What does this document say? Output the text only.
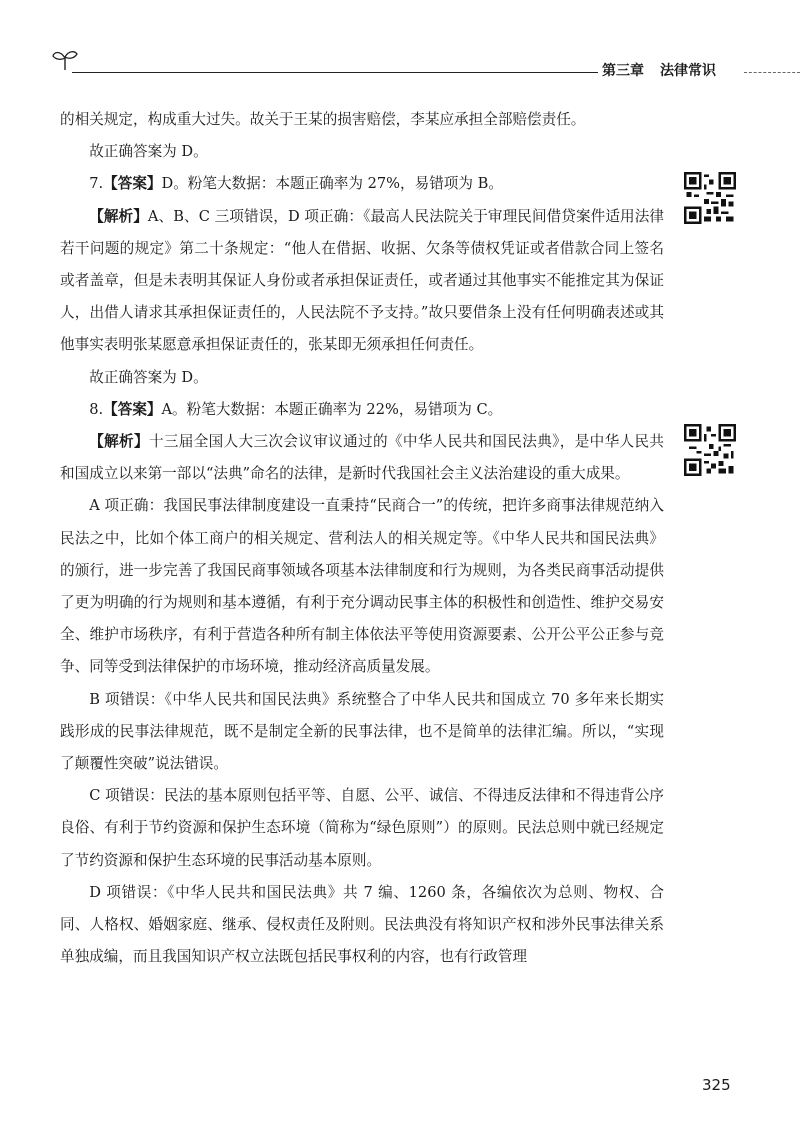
第三章 法律常识

的相关规定，构成重大过失。故关于王某的损害赔偿，李某应承担全部赔偿责任。

故正确答案为 D。

7.【答案】D。粉笔大数据：本题正确率为 27%，易错项为 B。

【解析】A、B、C 三项错误，D 项正确：《最高人民法院关于审理民间借贷案件适用法律若干问题的规定》第二十条规定：“他人在借据、收据、欠条等债权凭证或者借款合同上签名或者盖章，但是未表明其保证人身份或者承担保证责任，或者通过其他事实不能推定其为保证人，出借人请求其承担保证责任的，人民法院不予支持。”故只要借条上没有任何明确表述或其他事实表明张某愿意承担保证责任的，张某即无须承担任何责任。

故正确答案为 D。

8.【答案】A。粉笔大数据：本题正确率为 22%，易错项为 C。

【解析】十三届全国人大三次会议审议通过的《中华人民共和国民法典》，是中华人民共和国成立以来第一部以“法典”命名的法律，是新时代我国社会主义法治建设的重大成果。

A 项正确：我国民事法律制度建设一直秉持“民商合一”的传统，把许多商事法律规范纳入民法之中，比如个体工商户的相关规定、营利法人的相关规定等。《中华人民共和国民法典》的颁行，进一步完善了我国民商事领域各项基本法律制度和行为规则，为各类民商事活动提供了更为明确的行为规则和基本遵循，有利于充分调动民事主体的积极性和创造性、维护交易安全、维护市场秩序，有利于营造各种所有制主体依法平等使用资源要素、公开公平公正参与竞争、同等受到法律保护的市场环境，推动经济高质量发展。

B 项错误：《中华人民共和国民法典》系统整合了中华人民共和国成立 70 多年来长期实践形成的民事法律规范，既不是制定全新的民事法律，也不是简单的法律汇编。所以，“实现了颠覆性突破”说法错误。

C 项错误：民法的基本原则包括平等、自愿、公平、诚信、不得违反法律和不得违背公序良俗、有利于节约资源和保护生态环境（简称为“绿色原则”）的原则。民法总则中就已经规定了节约资源和保护生态环境的民事活动基本原则。

D 项错误：《中华人民共和国民法典》共 7 编、1260 条，各编依次为总则、物权、合同、人格权、婚姻家庭、继承、侵权责任及附则。民法典没有将知识产权和涉外民事法律关系单独成编，而且我国知识产权立法既包括民事权利的内容，也有行政管理

325
